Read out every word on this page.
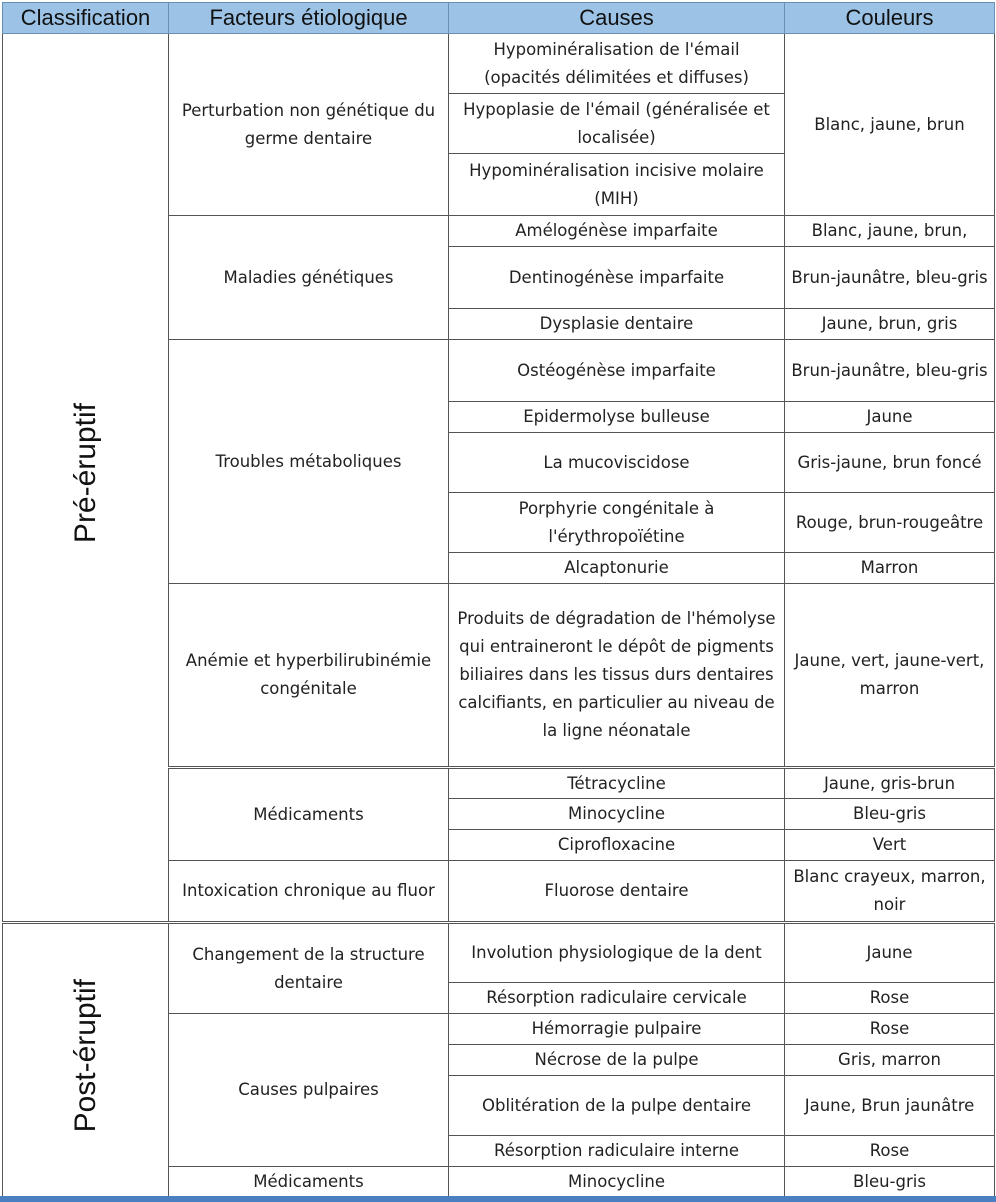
Classification	Facteurs étiologique	Causes	Couleurs
Pré-éruptif	Perturbation non génétique du germe dentaire	Hypominéralisation de l'émail (opacités délimitées et diffuses)	Blanc, jaune, brun
		Hypoplasie de l'émail (généralisée et localisée)	
		Hypominéralisation incisive molaire (MIH)	
	Maladies génétiques	Amélogénèse imparfaite	Blanc, jaune, brun,
		Dentinogénèse imparfaite	Brun-jaunâtre, bleu-gris
		Dysplasie dentaire	Jaune, brun, gris
	Troubles métaboliques	Ostéogénèse imparfaite	Brun-jaunâtre, bleu-gris
		Epidermolyse bulleuse	Jaune
		La mucoviscidose	Gris-jaune, brun foncé
		Porphyrie congénitale à l'érythropoïétine	Rouge, brun-rougeâtre
		Alcaptonurie	Marron
	Anémie et hyperbilirubinémie congénitale	Produits de dégradation de l'hémolyse qui entraineront le dépôt de pigments biliaires dans les tissus durs dentaires calcifiants, en particulier au niveau de la ligne néonatale	Jaune, vert, jaune-vert, marron
	Médicaments	Tétracycline	Jaune, gris-brun
		Minocycline	Bleu-gris
		Ciprofloxacine	Vert
	Intoxication chronique au fluor	Fluorose dentaire	Blanc crayeux, marron, noir
Post-éruptif	Changement de la structure dentaire	Involution physiologique de la dent	Jaune
		Résorption radiculaire cervicale	Rose
	Causes pulpaires	Hémorragie pulpaire	Rose
		Nécrose de la pulpe	Gris, marron
		Oblitération de la pulpe dentaire	Jaune, Brun jaunâtre
		Résorption radiculaire interne	Rose
	Médicaments	Minocycline	Bleu-gris
